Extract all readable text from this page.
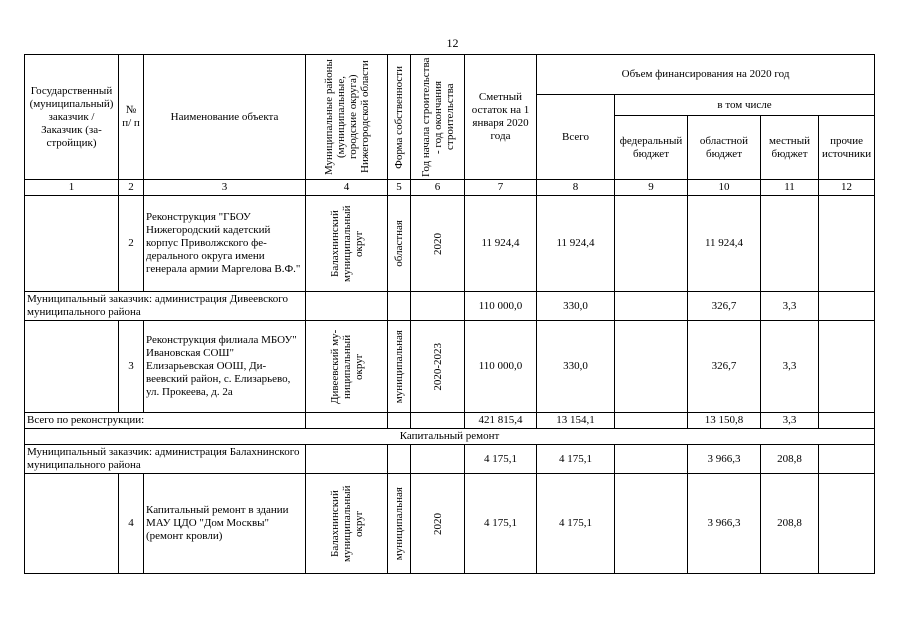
12
Государственный (муниципальный) заказчик / Заказчик (застройщик)	№ п/ п	Наименование объекта	Муниципальные районы (муниципальные, городские округа) Нижегородской области	Форма собственности	Год начала строительства - год окончания строительства	Сметный остаток на 1 января 2020 года	Объем финансирования на 2020 год				
							Всего	в том числе			
								федеральный бюджет	областной бюджет	местный бюджет	прочие источники
1	2	3	4	5	6	7	8	9	10	11	12
	2	Реконструкция "ГБОУ Нижегородский кадетский корпус Приволжского федерального округа имени генерала армии Маргелова В.Ф."	Балахнинский муниципальный округ	областная	2020	11 924,4	11 924,4		11 924,4		
Муниципальный заказчик: администрация Дивеевского муниципального района						110 000,0	330,0		326,7	3,3	
	3	Реконструкция филиала МБОУ" Ивановская СОШ" Елизарьевская ООШ, Дивеевский район, с. Елизарьево, ул. Прокеева, д. 2а	Дивеевский муниципальный округ	муниципальная	2020-2023	110 000,0	330,0		326,7	3,3	
Всего по реконструкции:						421 815,4	13 154,1		13 150,8	3,3	
Капитальный ремонт											
Муниципальный заказчик: администрация Балахнинского муниципального района						4 175,1	4 175,1		3 966,3	208,8	
	4	Капитальный ремонт в здании МАУ ЦДО "Дом Москвы" (ремонт кровли)	Балахнинский муниципальный округ	муниципальная	2020	4 175,1	4 175,1		3 966,3	208,8	
